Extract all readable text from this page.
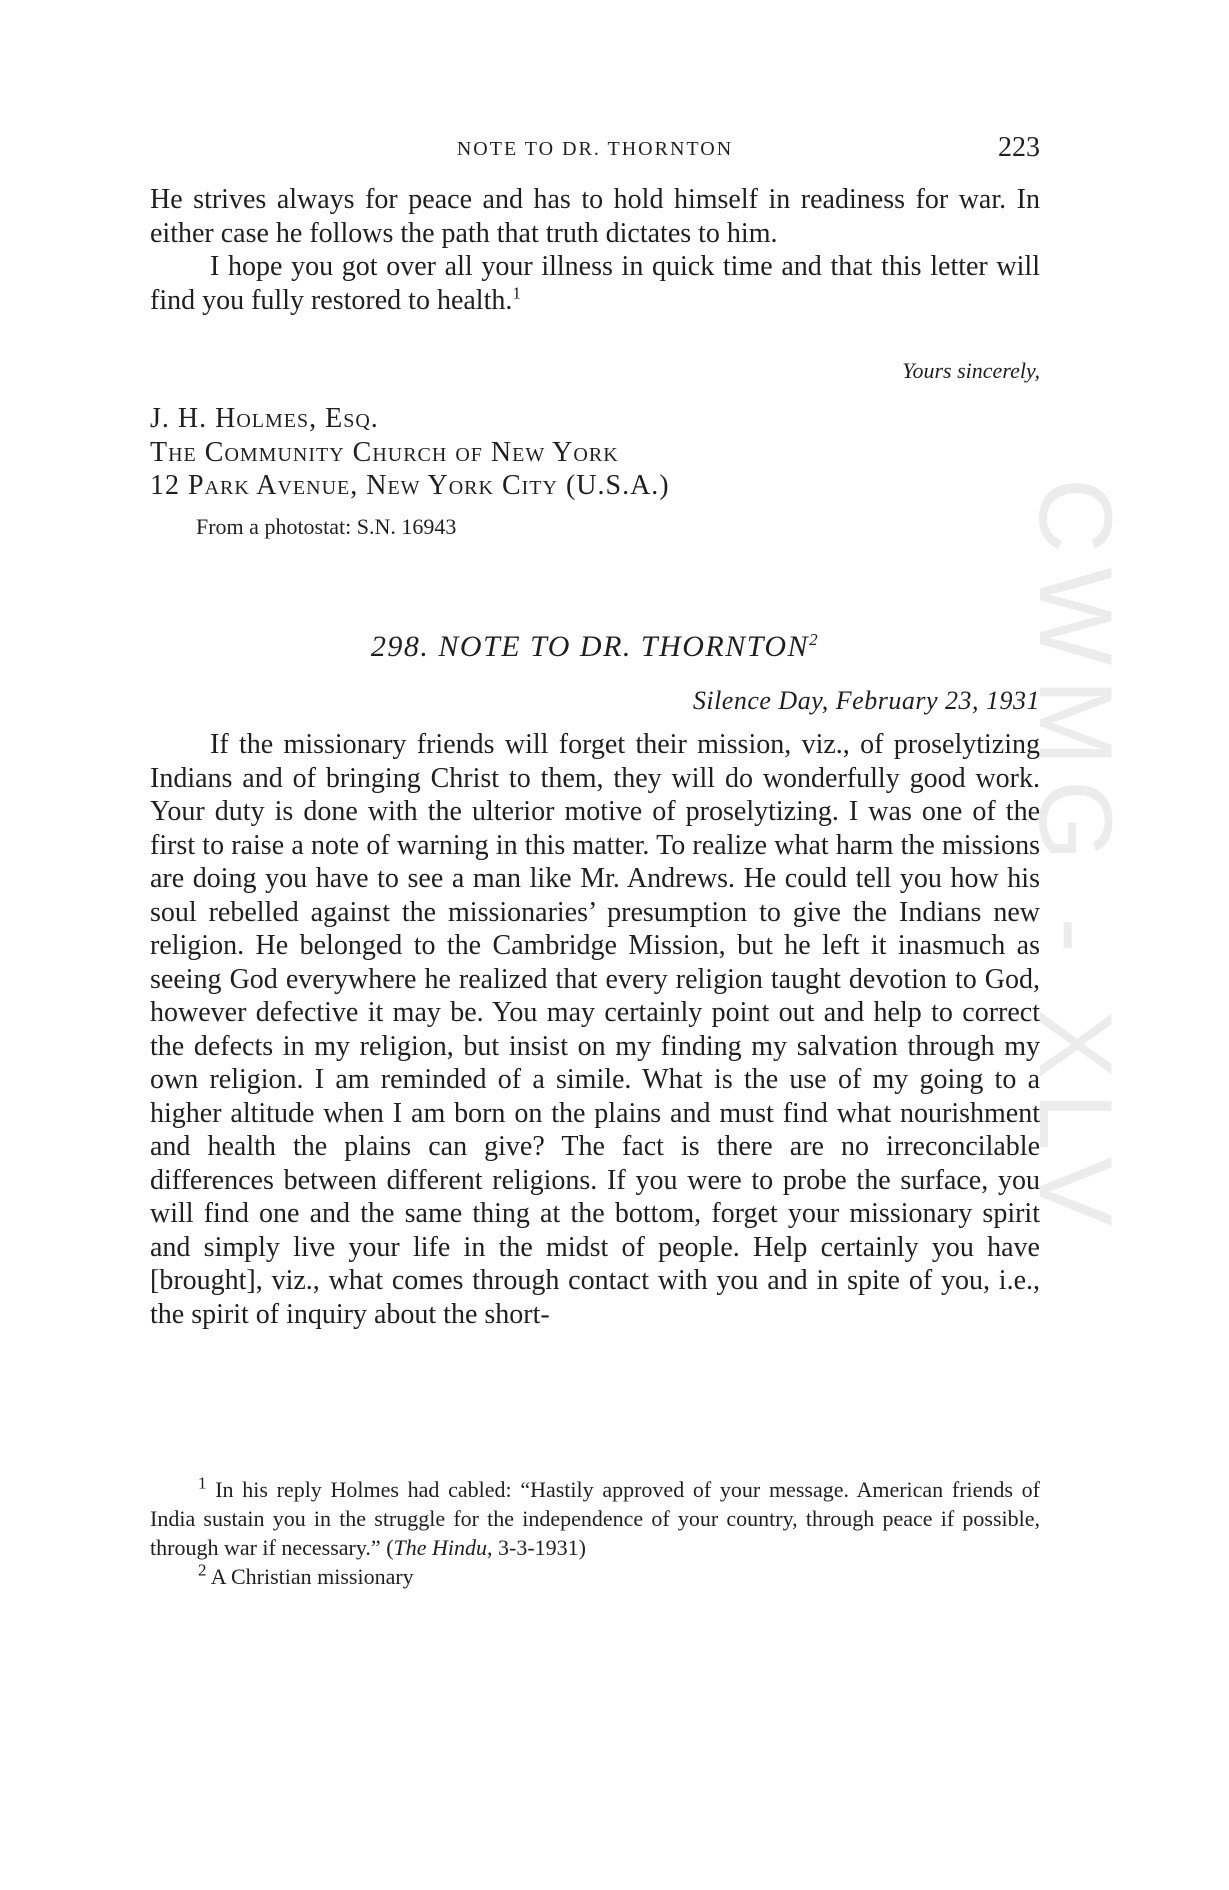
CWMG - XLV
NOTE TO DR. THORNTON	223

He strives always for peace and has to hold himself in readiness for war. In either case he follows the path that truth dictates to him.

I hope you got over all your illness in quick time and that this letter will find you fully restored to health.$^1$

Yours sincerely,
J. H. Holmes, Esq.
The Community Church of New York
12 Park Avenue, New York City (U.S.A.)
From a photostat: S.N. 16943
298. NOTE TO DR. THORNTON$^2$
Silence Day, February 23, 1931

If the missionary friends will forget their mission, viz., of proselytizing Indians and of bringing Christ to them, they will do wonderfully good work. Your duty is done with the ulterior motive of proselytizing. I was one of the first to raise a note of warning in this matter. To realize what harm the missions are doing you have to see a man like Mr. Andrews. He could tell you how his soul rebelled against the missionaries’ presumption to give the Indians new religion. He belonged to the Cambridge Mission, but he left it inasmuch as seeing God everywhere he realized that every religion taught devotion to God, however defective it may be. You may certainly point out and help to correct the defects in my religion, but insist on my finding my salvation through my own religion. I am reminded of a simile. What is the use of my going to a higher altitude when I am born on the plains and must find what nourishment and health the plains can give? The fact is there are no irreconcilable differences between different religions. If you were to probe the surface, you will find one and the same thing at the bottom, forget your missionary spirit and simply live your life in the midst of people. Help certainly you have [brought], viz., what comes through contact with you and in spite of you, i.e., the spirit of inquiry about the short-

$^1$ In his reply Holmes had cabled: “Hastily approved of your message. American friends of India sustain you in the struggle for the independence of your country, through peace if possible, through war if necessary.” (The Hindu, 3-3-1931)

$^2$ A Christian missionary
